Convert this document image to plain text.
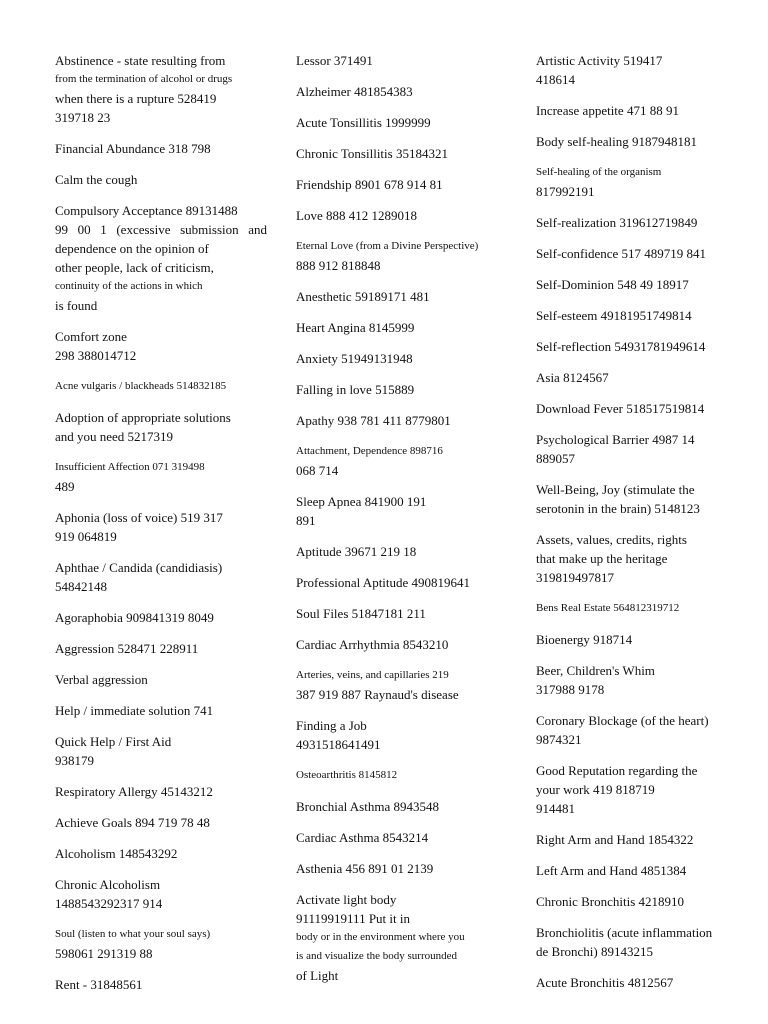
Abstinence - state resulting from
from the termination of alcohol or drugs
when there is a rupture 528419
319718 23
Financial Abundance 318 798
Calm the cough
Compulsory Acceptance 89131488
99 00 1 (excessive submission and
dependence on the opinion of
other people, lack of criticism,
continuity of the actions in which
is found
Comfort zone
298 388014712
Acne vulgaris / blackheads 514832185
Adoption of appropriate solutions
and you need 5217319
Insufficient Affection 071 319498
489
Aphonia (loss of voice) 519 317
919 064819
Aphthae / Candida (candidiasis)
54842148
Agoraphobia 909841319 8049
Aggression 528471 228911
Verbal aggression
Help / immediate solution 741
Quick Help / First Aid
938179
Respiratory Allergy 45143212
Achieve Goals 894 719 78 48
Alcoholism 148543292
Chronic Alcoholism
1488543292317 914
Soul (listen to what your soul says)
598061 291319 88
Rent - 31848561
Lessor 371491
Alzheimer 481854383
Acute Tonsillitis 1999999
Chronic Tonsillitis 35184321
Friendship 8901 678 914 81
Love 888 412 1289018
Eternal Love (from a Divine Perspective)
888 912 818848
Anesthetic 59189171 481
Heart Angina 8145999
Anxiety 51949131948
Falling in love 515889
Apathy 938 781 411 8779801
Attachment, Dependence 898716
068 714
Sleep Apnea 841900 191
891
Aptitude 39671 219 18
Professional Aptitude 490819641
Soul Files 51847181 211
Cardiac Arrhythmia 8543210
Arteries, veins, and capillaries 219
387 919 887 Raynaud's disease
Finding a Job
4931518641491
Osteoarthritis 8145812
Bronchial Asthma 8943548
Cardiac Asthma 8543214
Asthenia 456 891 01 2139
Activate light body
91119919111 Put it in
body or in the environment where you
is and visualize the body surrounded
of Light
Artistic Activity 519417
418614
Increase appetite 471 88 91
Body self-healing 9187948181
Self-healing of the organism
817992191
Self-realization 319612719849
Self-confidence 517 489719 841
Self-Dominion 548 49 18917
Self-esteem 49181951749814
Self-reflection 54931781949614
Asia 8124567
Download Fever 518517519814
Psychological Barrier 4987 14
889057
Well-Being, Joy (stimulate the
serotonin in the brain) 5148123
Assets, values, credits, rights
that make up the heritage
319819497817
Bens Real Estate 564812319712
Bioenergy 918714
Beer, Children's Whim
317988 9178
Coronary Blockage (of the heart)
9874321
Good Reputation regarding the
your work 419 818719
914481
Right Arm and Hand 1854322
Left Arm and Hand 4851384
Chronic Bronchitis 4218910
Bronchiolitis (acute inflammation
de Bronchi) 89143215
Acute Bronchitis 4812567
